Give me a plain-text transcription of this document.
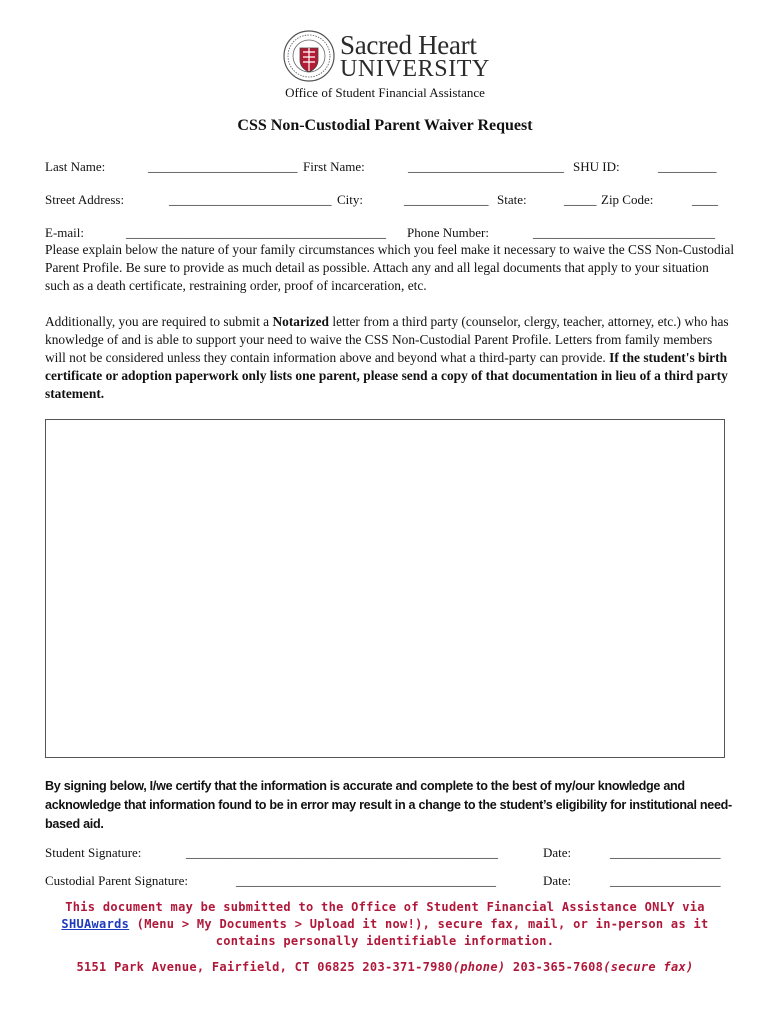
Sacred Heart
UNIVERSITY
Office of Student Financial Assistance
CSS Non-Custodial Parent Waiver Request
Last Name:	_______________________ First Name:	________________________ SHU ID:	_________
Street Address:	_________________________ City:	_____________ State:	_____ Zip Code:	____
E-mail:	________________________________________ Phone Number:	____________________________
Please explain below the nature of your family circumstances which you feel make it necessary to waive the CSS Non-Custodial Parent Profile. Be sure to provide as much detail as possible. Attach any and all legal documents that apply to your situation such as a death certificate, restraining order, proof of incarceration, etc.
Additionally, you are required to submit a Notarized letter from a third party (counselor, clergy, teacher, attorney, etc.) who has knowledge of and is able to support your need to waive the CSS Non-Custodial Parent Profile. Letters from family members will not be considered unless they contain information above and beyond what a third-party can provide. If the student's birth certificate or adoption paperwork only lists one parent, please send a copy of that documentation in lieu of a third party statement.
By signing below, I/we certify that the information is accurate and complete to the best of my/our knowledge and acknowledge that information found to be in error may result in a change to the student’s eligibility for institutional need-based aid.
Student Signature:	________________________________________________	Date:	_________________
Custodial Parent Signature:	________________________________________	Date:	_________________
This document may be submitted to the Office of Student Financial Assistance ONLY via SHUAwards (Menu > My Documents > Upload it now!), secure fax, mail, or in-person as it contains personally identifiable information.
5151 Park Avenue, Fairfield, CT 06825 203-371-7980(phone) 203-365-7608(secure fax)
